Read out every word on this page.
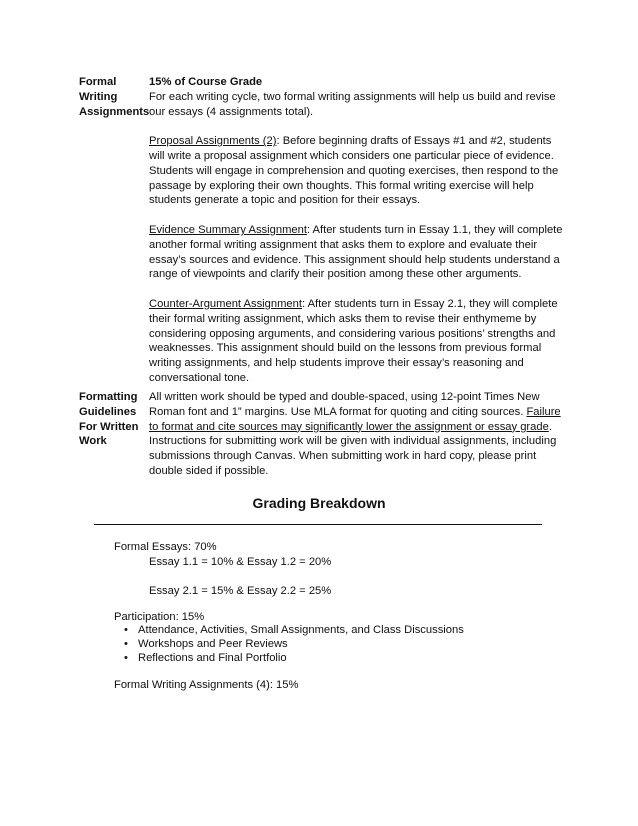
Formal Writing Assignments
15% of Course Grade
For each writing cycle, two formal writing assignments will help us build and revise our essays (4 assignments total).
Proposal Assignments (2): Before beginning drafts of Essays #1 and #2, students will write a proposal assignment which considers one particular piece of evidence. Students will engage in comprehension and quoting exercises, then respond to the passage by exploring their own thoughts. This formal writing exercise will help students generate a topic and position for their essays.
Evidence Summary Assignment: After students turn in Essay 1.1, they will complete another formal writing assignment that asks them to explore and evaluate their essay’s sources and evidence. This assignment should help students understand a range of viewpoints and clarify their position among these other arguments.
Counter-Argument Assignment: After students turn in Essay 2.1, they will complete their formal writing assignment, which asks them to revise their enthymeme by considering opposing arguments, and considering various positions’ strengths and weaknesses. This assignment should build on the lessons from previous formal writing assignments, and help students improve their essay’s reasoning and conversational tone.
Formatting Guidelines For Written Work
All written work should be typed and double-spaced, using 12-point Times New Roman font and 1” margins. Use MLA format for quoting and citing sources. Failure to format and cite sources may significantly lower the assignment or essay grade. Instructions for submitting work will be given with individual assignments, including submissions through Canvas. When submitting work in hard copy, please print double sided if possible.
Grading Breakdown
Formal Essays: 70%
Essay 1.1 = 10% & Essay 1.2 = 20%
Essay 2.1 = 15% & Essay 2.2 = 25%
Participation: 15%
• Attendance, Activities, Small Assignments, and Class Discussions
• Workshops and Peer Reviews
• Reflections and Final Portfolio
Formal Writing Assignments (4): 15%
